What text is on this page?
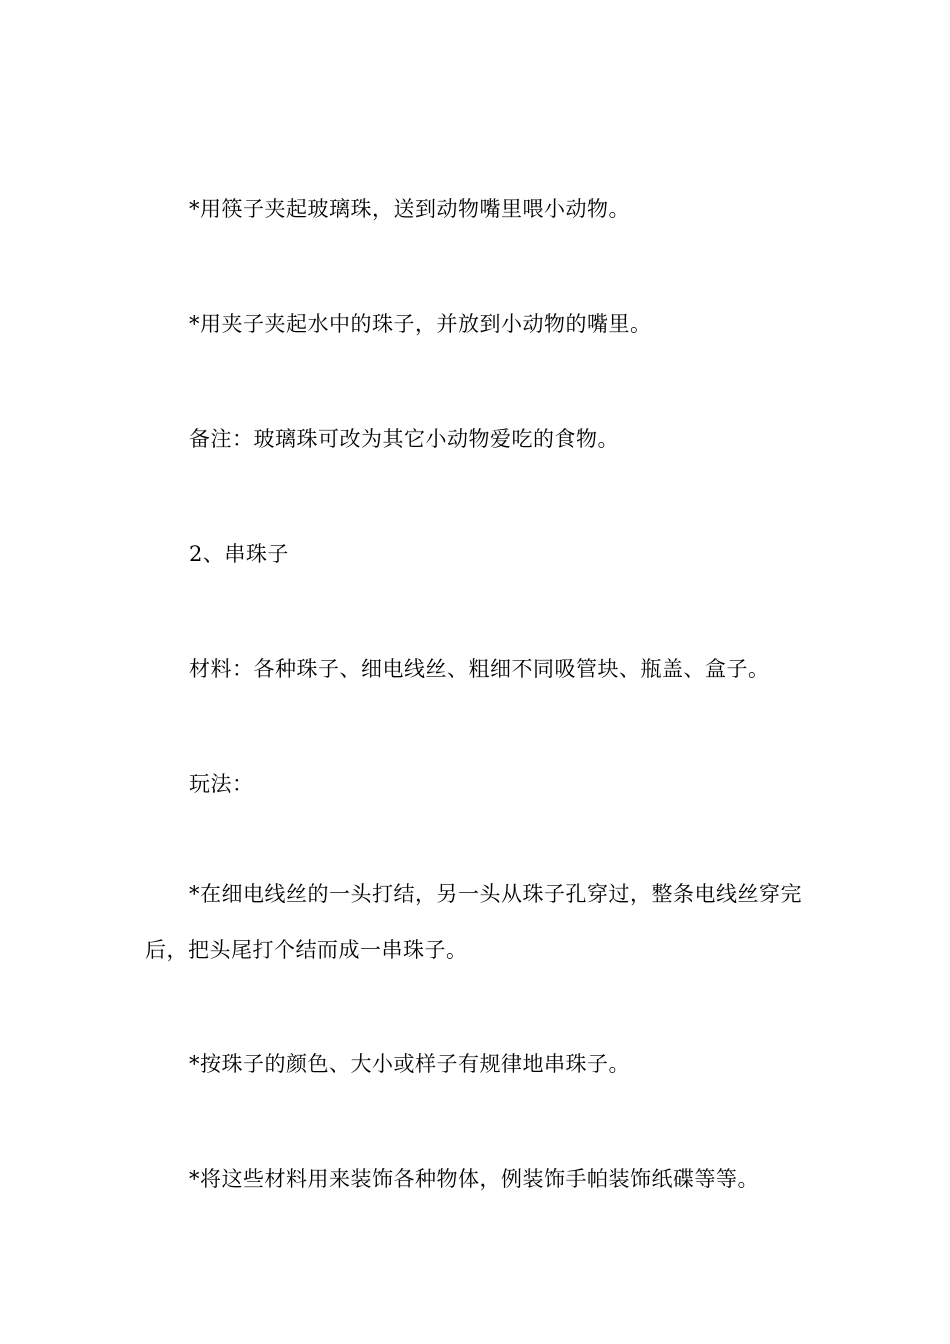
*用筷子夹起玻璃珠，送到动物嘴里喂小动物。

*用夹子夹起水中的珠子，并放到小动物的嘴里。

备注：玻璃珠可改为其它小动物爱吃的食物。

2、串珠子

材料：各种珠子、细电线丝、粗细不同吸管块、瓶盖、盒子。

玩法：

*在细电线丝的一头打结，另一头从珠子孔穿过，整条电线丝穿完后，把头尾打个结而成一串珠子。

*按珠子的颜色、大小或样子有规律地串珠子。

*将这些材料用来装饰各种物体，例装饰手帕装饰纸碟等等。
